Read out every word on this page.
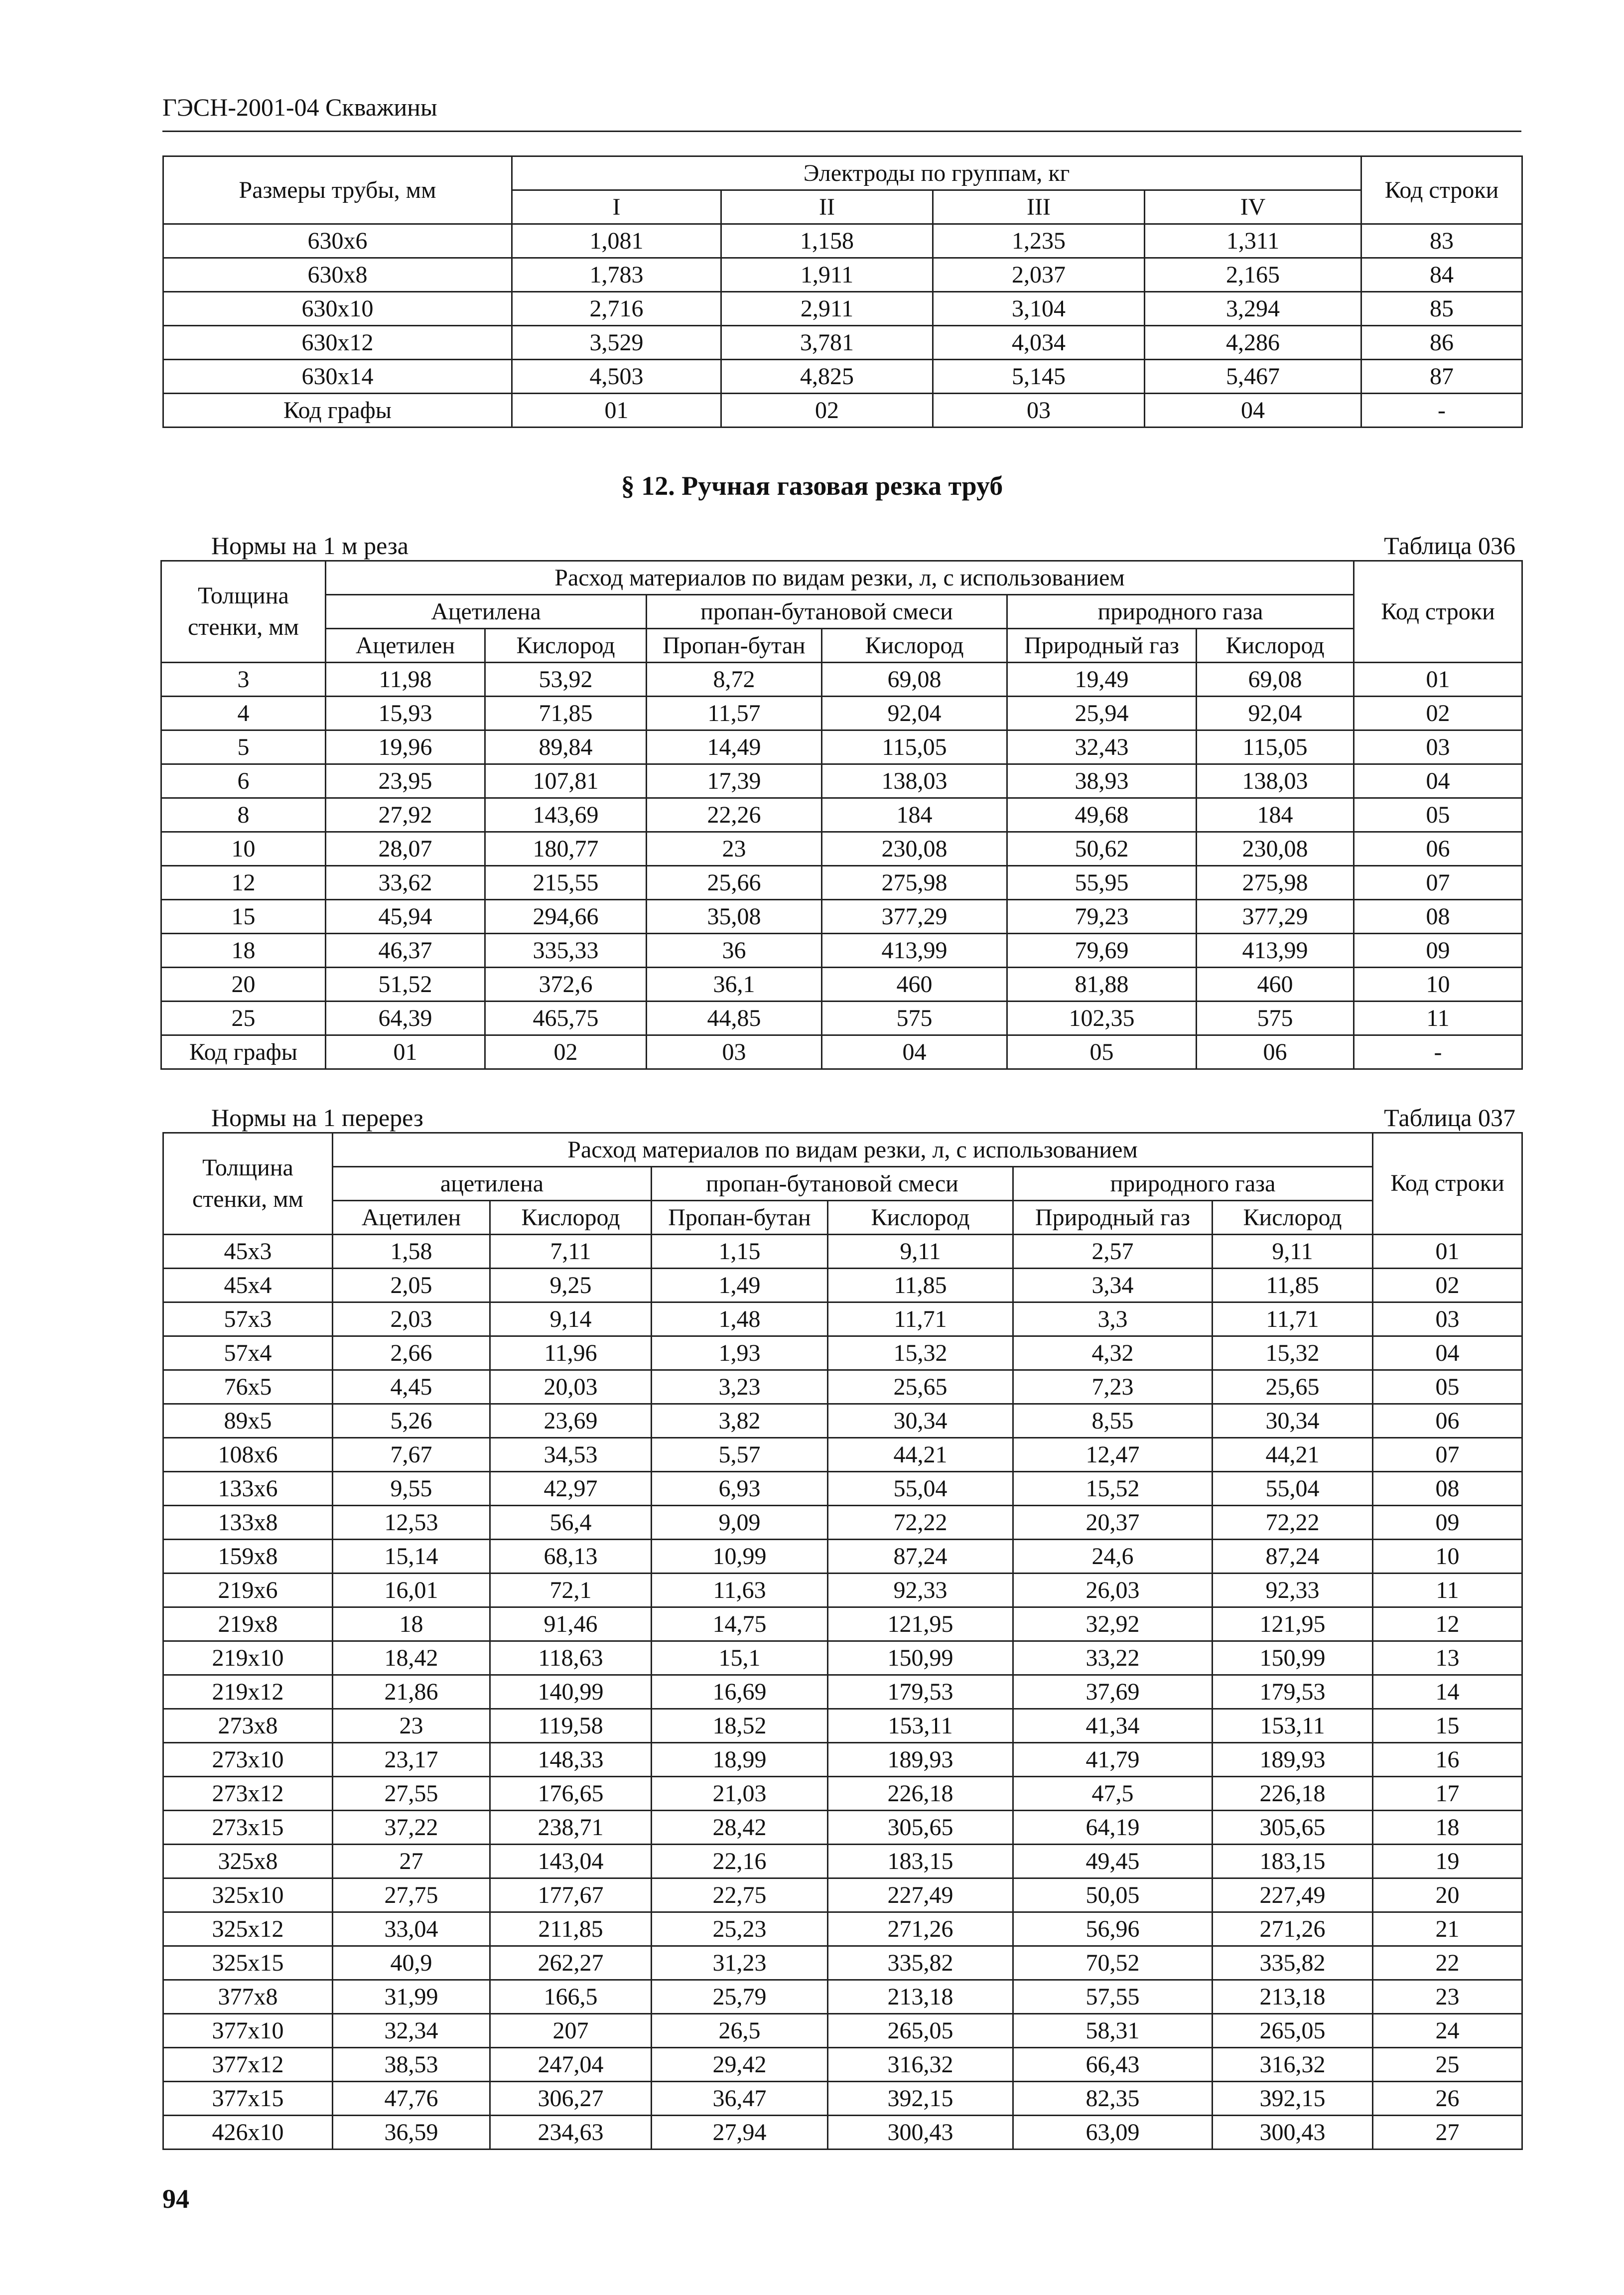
ГЭСН-2001-04 Скважины
Размеры трубы, мм	Электроды по группам, кг				Код строки
	I	II	III	IV	
630x6	1,081	1,158	1,235	1,311	83
630x8	1,783	1,911	2,037	2,165	84
630x10	2,716	2,911	3,104	3,294	85
630x12	3,529	3,781	4,034	4,286	86
630x14	4,503	4,825	5,145	5,467	87
Код графы	01	02	03	04	-
§ 12. Ручная газовая резка труб
Нормы на 1 м реза	Таблица 036
Толщина стенки, мм	Расход материалов по видам резки, л, с использованием						Код строки
	Ацетилена		пропан-бутановой смеси		природного газа		
	Ацетилен	Кислород	Пропан-бутан	Кислород	Природный газ	Кислород	
3	11,98	53,92	8,72	69,08	19,49	69,08	01
4	15,93	71,85	11,57	92,04	25,94	92,04	02
5	19,96	89,84	14,49	115,05	32,43	115,05	03
6	23,95	107,81	17,39	138,03	38,93	138,03	04
8	27,92	143,69	22,26	184	49,68	184	05
10	28,07	180,77	23	230,08	50,62	230,08	06
12	33,62	215,55	25,66	275,98	55,95	275,98	07
15	45,94	294,66	35,08	377,29	79,23	377,29	08
18	46,37	335,33	36	413,99	79,69	413,99	09
20	51,52	372,6	36,1	460	81,88	460	10
25	64,39	465,75	44,85	575	102,35	575	11
Код графы	01	02	03	04	05	06	-
Нормы на 1 перерез	Таблица 037
Толщина стенки, мм	Расход материалов по видам резки, л, с использованием						Код строки
	ацетилена		пропан-бутановой смеси		природного газа		
	Ацетилен	Кислород	Пропан-бутан	Кислород	Природный газ	Кислород	
45x3	1,58	7,11	1,15	9,11	2,57	9,11	01
45x4	2,05	9,25	1,49	11,85	3,34	11,85	02
57x3	2,03	9,14	1,48	11,71	3,3	11,71	03
57x4	2,66	11,96	1,93	15,32	4,32	15,32	04
76x5	4,45	20,03	3,23	25,65	7,23	25,65	05
89x5	5,26	23,69	3,82	30,34	8,55	30,34	06
108x6	7,67	34,53	5,57	44,21	12,47	44,21	07
133x6	9,55	42,97	6,93	55,04	15,52	55,04	08
133x8	12,53	56,4	9,09	72,22	20,37	72,22	09
159x8	15,14	68,13	10,99	87,24	24,6	87,24	10
219x6	16,01	72,1	11,63	92,33	26,03	92,33	11
219x8	18	91,46	14,75	121,95	32,92	121,95	12
219x10	18,42	118,63	15,1	150,99	33,22	150,99	13
219x12	21,86	140,99	16,69	179,53	37,69	179,53	14
273x8	23	119,58	18,52	153,11	41,34	153,11	15
273x10	23,17	148,33	18,99	189,93	41,79	189,93	16
273x12	27,55	176,65	21,03	226,18	47,5	226,18	17
273x15	37,22	238,71	28,42	305,65	64,19	305,65	18
325x8	27	143,04	22,16	183,15	49,45	183,15	19
325x10	27,75	177,67	22,75	227,49	50,05	227,49	20
325x12	33,04	211,85	25,23	271,26	56,96	271,26	21
325x15	40,9	262,27	31,23	335,82	70,52	335,82	22
377x8	31,99	166,5	25,79	213,18	57,55	213,18	23
377x10	32,34	207	26,5	265,05	58,31	265,05	24
377x12	38,53	247,04	29,42	316,32	66,43	316,32	25
377x15	47,76	306,27	36,47	392,15	82,35	392,15	26
426x10	36,59	234,63	27,94	300,43	63,09	300,43	27
94
